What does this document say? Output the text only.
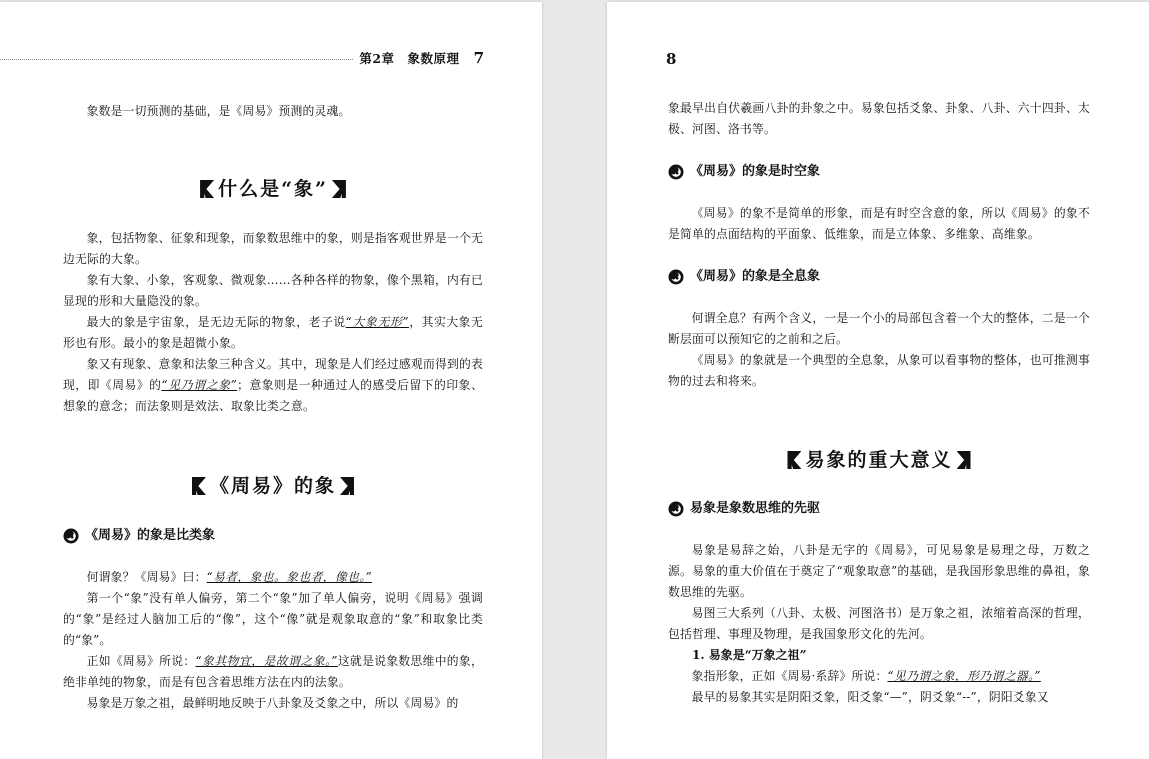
第2章　象数原理 7

象数是一切预测的基础，是《周易》预测的灵魂。

什么是“象”

象，包括物象、征象和现象，而象数思维中的象，则是指客观世界是一个无边无际的大象。

象有大象、小象，客观象、微观象……各种各样的物象，像个黑箱，内有已显现的形和大量隐没的象。

最大的象是宇宙象，是无边无际的物象，老子说“大象无形”，其实大象无形也有形。最小的象是超微小象。

象又有现象、意象和法象三种含义。其中，现象是人们经过感观而得到的表现，即《周易》的“见乃谓之象”；意象则是一种通过人的感受后留下的印象、想象的意念；而法象则是效法、取象比类之意。

《周易》的象
《周易》的象是比类象

何谓象？《周易》曰：“易者，象也。象也者，像也。”

第一个“象”没有单人偏旁，第二个“象”加了单人偏旁，说明《周易》强调的“象”是经过人脑加工后的“像”，这个“像”就是观象取意的“象”和取象比类的“象”。

正如《周易》所说：“象其物宜，是故谓之象。”这就是说象数思维中的象，绝非单纯的物象，而是有包含着思维方法在内的法象。

易象是万象之祖，最鲜明地反映于八卦象及爻象之中，所以《周易》的

8

象最早出自伏羲画八卦的卦象之中。易象包括爻象、卦象、八卦、六十四卦、太极、河图、洛书等。

《周易》的象是时空象

《周易》的象不是简单的形象，而是有时空含意的象，所以《周易》的象不是简单的点面结构的平面象、低维象，而是立体象、多维象、高维象。

《周易》的象是全息象

何谓全息？有两个含义，一是一个小的局部包含着一个大的整体，二是一个断层面可以预知它的之前和之后。

《周易》的象就是一个典型的全息象，从象可以看事物的整体，也可推测事物的过去和将来。

易象的重大意义
易象是象数思维的先驱

易象是易辞之始，八卦是无字的《周易》，可见易象是易理之母，万数之源。易象的重大价值在于奠定了“观象取意”的基础，是我国形象思维的鼻祖，象数思维的先驱。

易图三大系列（八卦、太极、河图洛书）是万象之祖，浓缩着高深的哲理，包括哲理、事理及物理，是我国象形文化的先河。

1. 易象是“万象之祖”

象指形象，正如《周易·系辞》所说：“见乃谓之象，形乃谓之器。”

最早的易象其实是阴阳爻象，阳爻象“—”，阴爻象“--”，阴阳爻象又
